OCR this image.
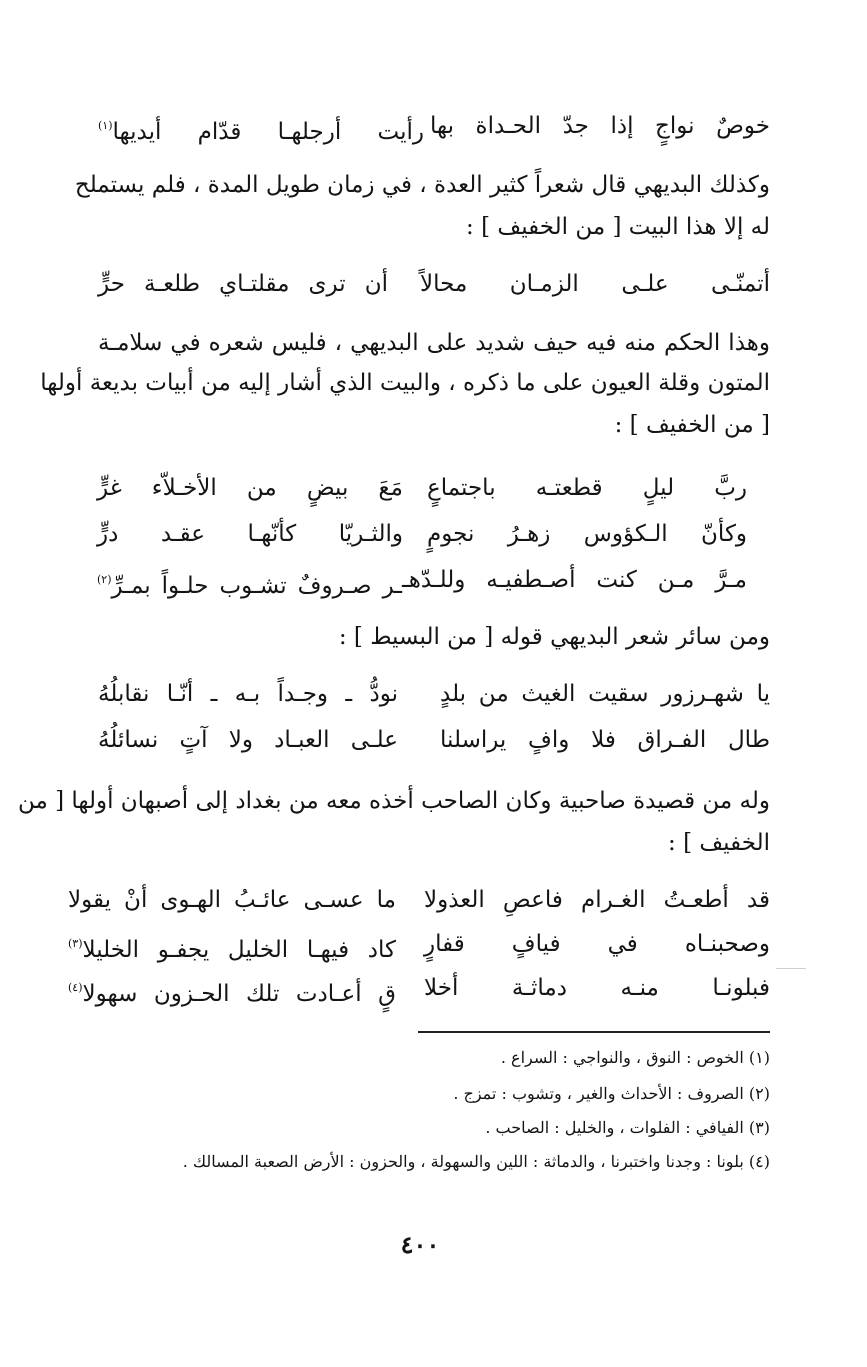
خوصٌ نواجٍ إذا جدّ الحـداة بها
رأيت أرجلهـا قدّام أيديها$^{(١)}$
وكذلك البديهي قال شعراً كثير العدة ، في زمان طويل المدة ، فلم يستملح
له إلا هذا البيت [ من الخفيف ] :
أتمنّـى علـى الزمـان محالاً
أن ترى مقلتـاي طلعـة حرٍّ
وهذا الحكم منه فيه حيف شديد على البديهي ، فليس شعره في سلامـة
المتون وقلة العيون على ما ذكره ، والبيت الذي أشار إليه من أبيات بديعة أولها
[ من الخفيف ] :
ربَّ ليلٍ قطعتـه باجتماعٍ
مَعَ بيضٍ من الأخـلاّء غرٍّ
وكأنّ الـكؤوس زهـرُ نجومٍ
والثـريّا كأنّهـا عقـد درٍّ
مـرَّ مـن كنت أصـطفيـه وللـدّهـ
ـر صـروفٌ تشـوب حلـواً بمـرِّ$^{(٢)}$
ومن سائر شعر البديهي قوله [ من البسيط ] :
يا شهـرزور سقيت الغيث من بلدٍ
نودُّ ـ وجـداً بـه ـ أنّـا نقابلُهُ
طال الفـراق فلا وافٍ يراسلنا
علـى العبـاد ولا آتٍ نسائلُهُ
وله من قصيدة صاحبية وكان الصاحب أخذه معه من بغداد إلى أصبهان أولها [ من
الخفيف ] :
قد أطعـتُ الغـرام فاعصِ العذولا
ما عسـى عائـبُ الهـوى أنْ يقولا
وصحبنـاه في فيافٍ قفارٍ
كاد فيهـا الخليل يجفـو الخليلا$^{(٣)}$
فبلونـا منـه دماثـة أخلا
قٍ أعـادت تلك الحـزون سهولا$^{(٤)}$
(١) الخوص : النوق ، والنواجي : السراع .
(٢) الصروف : الأحداث والغير ، وتشوب : تمزج .
(٣) الفيافي : الفلوات ، والخليل : الصاحب .
(٤) بلونا : وجدنا واختبرنا ، والدماثة : اللين والسهولة ، والحزون : الأرض الصعبة المسالك .
٤٠٠
